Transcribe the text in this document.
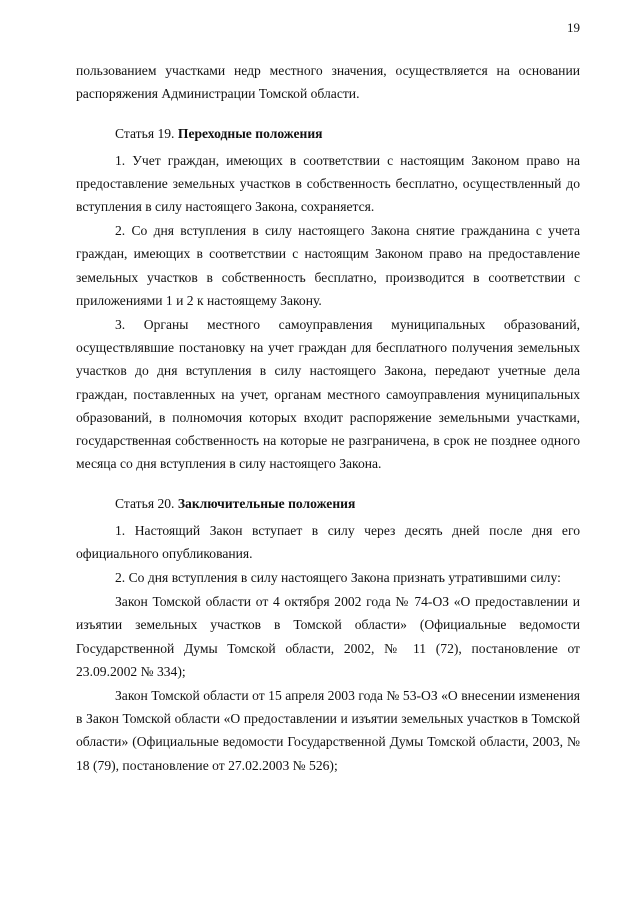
19

пользованием участками недр местного значения, осуществляется на основании распоряжения Администрации Томской области.

Статья 19. Переходные положения

1. Учет граждан, имеющих в соответствии с настоящим Законом право на предоставление земельных участков в собственность бесплатно, осуществленный до вступления в силу настоящего Закона, сохраняется.

2. Со дня вступления в силу настоящего Закона снятие гражданина с учета граждан, имеющих в соответствии с настоящим Законом право на предоставление земельных участков в собственность бесплатно, производится в соответствии с приложениями 1 и 2 к настоящему Закону.

3. Органы местного самоуправления муниципальных образований, осуществлявшие постановку на учет граждан для бесплатного получения земельных участков до дня вступления в силу настоящего Закона, передают учетные дела граждан, поставленных на учет, органам местного самоуправления муниципальных образований, в полномочия которых входит распоряжение земельными участками, государственная собственность на которые не разграничена, в срок не позднее одного месяца со дня вступления в силу настоящего Закона.

Статья 20. Заключительные положения

1. Настоящий Закон вступает в силу через десять дней после дня его официального опубликования.

2. Со дня вступления в силу настоящего Закона признать утратившими силу:

Закон Томской области от 4 октября 2002 года № 74-ОЗ «О предоставлении и изъятии земельных участков в Томской области» (Официальные ведомости Государственной Думы Томской области, 2002, № 11 (72), постановление от 23.09.2002 № 334);

Закон Томской области от 15 апреля 2003 года № 53-ОЗ «О внесении изменения в Закон Томской области «О предоставлении и изъятии земельных участков в Томской области» (Официальные ведомости Государственной Думы Томской области, 2003, № 18 (79), постановление от 27.02.2003 № 526);
